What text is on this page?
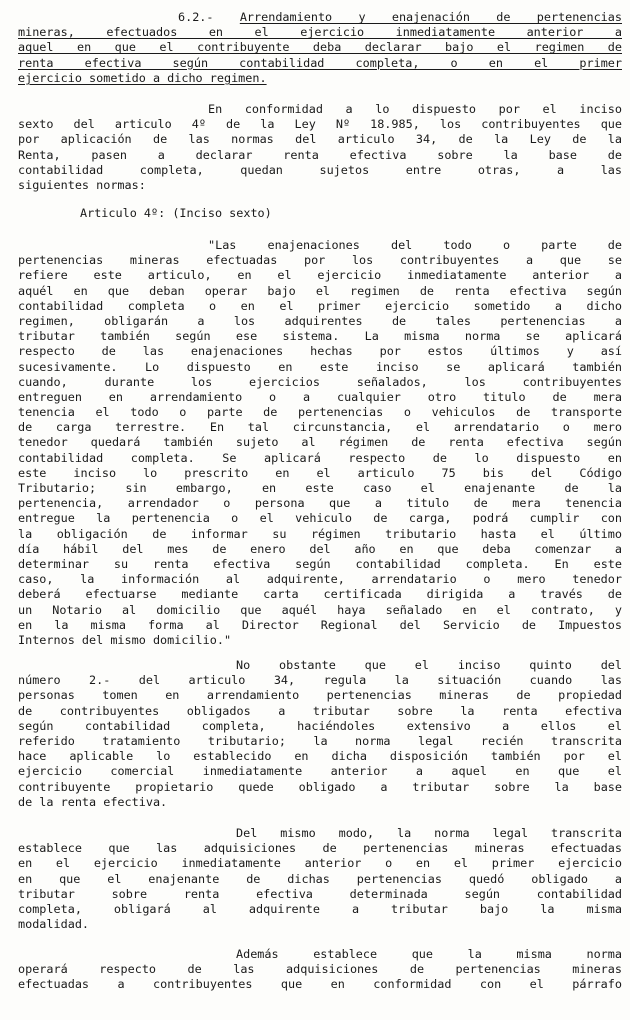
6.2.- Arrendamiento y enajenación de pertenencias
mineras, efectuados en el ejercicio inmediatamente anterior a
aquel en que el contribuyente deba declarar bajo el regimen de
renta efectiva según contabilidad completa, o en el primer
ejercicio sometido a dicho regimen.
En conformidad a lo dispuesto por el inciso
sexto del articulo 4º de la Ley Nº 18.985, los contribuyentes que
por aplicación de las normas del articulo 34, de la Ley de la
Renta, pasen a declarar renta efectiva sobre la base de
contabilidad completa, quedan sujetos entre otras, a las
siguientes normas:
Articulo 4º: (Inciso sexto)
"Las enajenaciones del todo o parte de
pertenencias mineras efectuadas por los contribuyentes a que se
refiere este articulo, en el ejercicio inmediatamente anterior a
aquél en que deban operar bajo el regimen de renta efectiva según
contabilidad completa o en el primer ejercicio sometido a dicho
regimen, obligarán a los adquirentes de tales pertenencias a
tributar también según ese sistema. La misma norma se aplicará
respecto de las enajenaciones hechas por estos últimos y así
sucesivamente. Lo dispuesto en este inciso se aplicará también
cuando, durante los ejercicios señalados, los contribuyentes
entreguen en arrendamiento o a cualquier otro titulo de mera
tenencia el todo o parte de pertenencias o vehiculos de transporte
de carga terrestre. En tal circunstancia, el arrendatario o mero
tenedor quedará también sujeto al régimen de renta efectiva según
contabilidad completa. Se aplicará respecto de lo dispuesto en
este inciso lo prescrito en el articulo 75 bis del Código
Tributario; sin embargo, en este caso el enajenante de la
pertenencia, arrendador o persona que a titulo de mera tenencia
entregue la pertenencia o el vehiculo de carga, podrá cumplir con
la obligación de informar su régimen tributario hasta el último
día hábil del mes de enero del año en que deba comenzar a
determinar su renta efectiva según contabilidad completa. En este
caso, la información al adquirente, arrendatario o mero tenedor
deberá efectuarse mediante carta certificada dirigida a través de
un Notario al domicilio que aquél haya señalado en el contrato, y
en la misma forma al Director Regional del Servicio de Impuestos
Internos del mismo domicilio."
No obstante que el inciso quinto del
número 2.- del articulo 34, regula la situación cuando las
personas tomen en arrendamiento pertenencias mineras de propiedad
de contribuyentes obligados a tributar sobre la renta efectiva
según contabilidad completa, haciéndoles extensivo a ellos el
referido tratamiento tributario; la norma legal recién transcrita
hace aplicable lo establecido en dicha disposición también por el
ejercicio comercial inmediatamente anterior a aquel en que el
contribuyente propietario quede obligado a tributar sobre la base
de la renta efectiva.
Del mismo modo, la norma legal transcrita
establece que las adquisiciones de pertenencias mineras efectuadas
en el ejercicio inmediatamente anterior o en el primer ejercicio
en que el enajenante de dichas pertenencias quedó obligado a
tributar sobre renta efectiva determinada según contabilidad
completa, obligará al adquirente a tributar bajo la misma
modalidad.
Además establece que la misma norma
operará respecto de las adquisiciones de pertenencias mineras
efectuadas a contribuyentes que en conformidad con el párrafo
